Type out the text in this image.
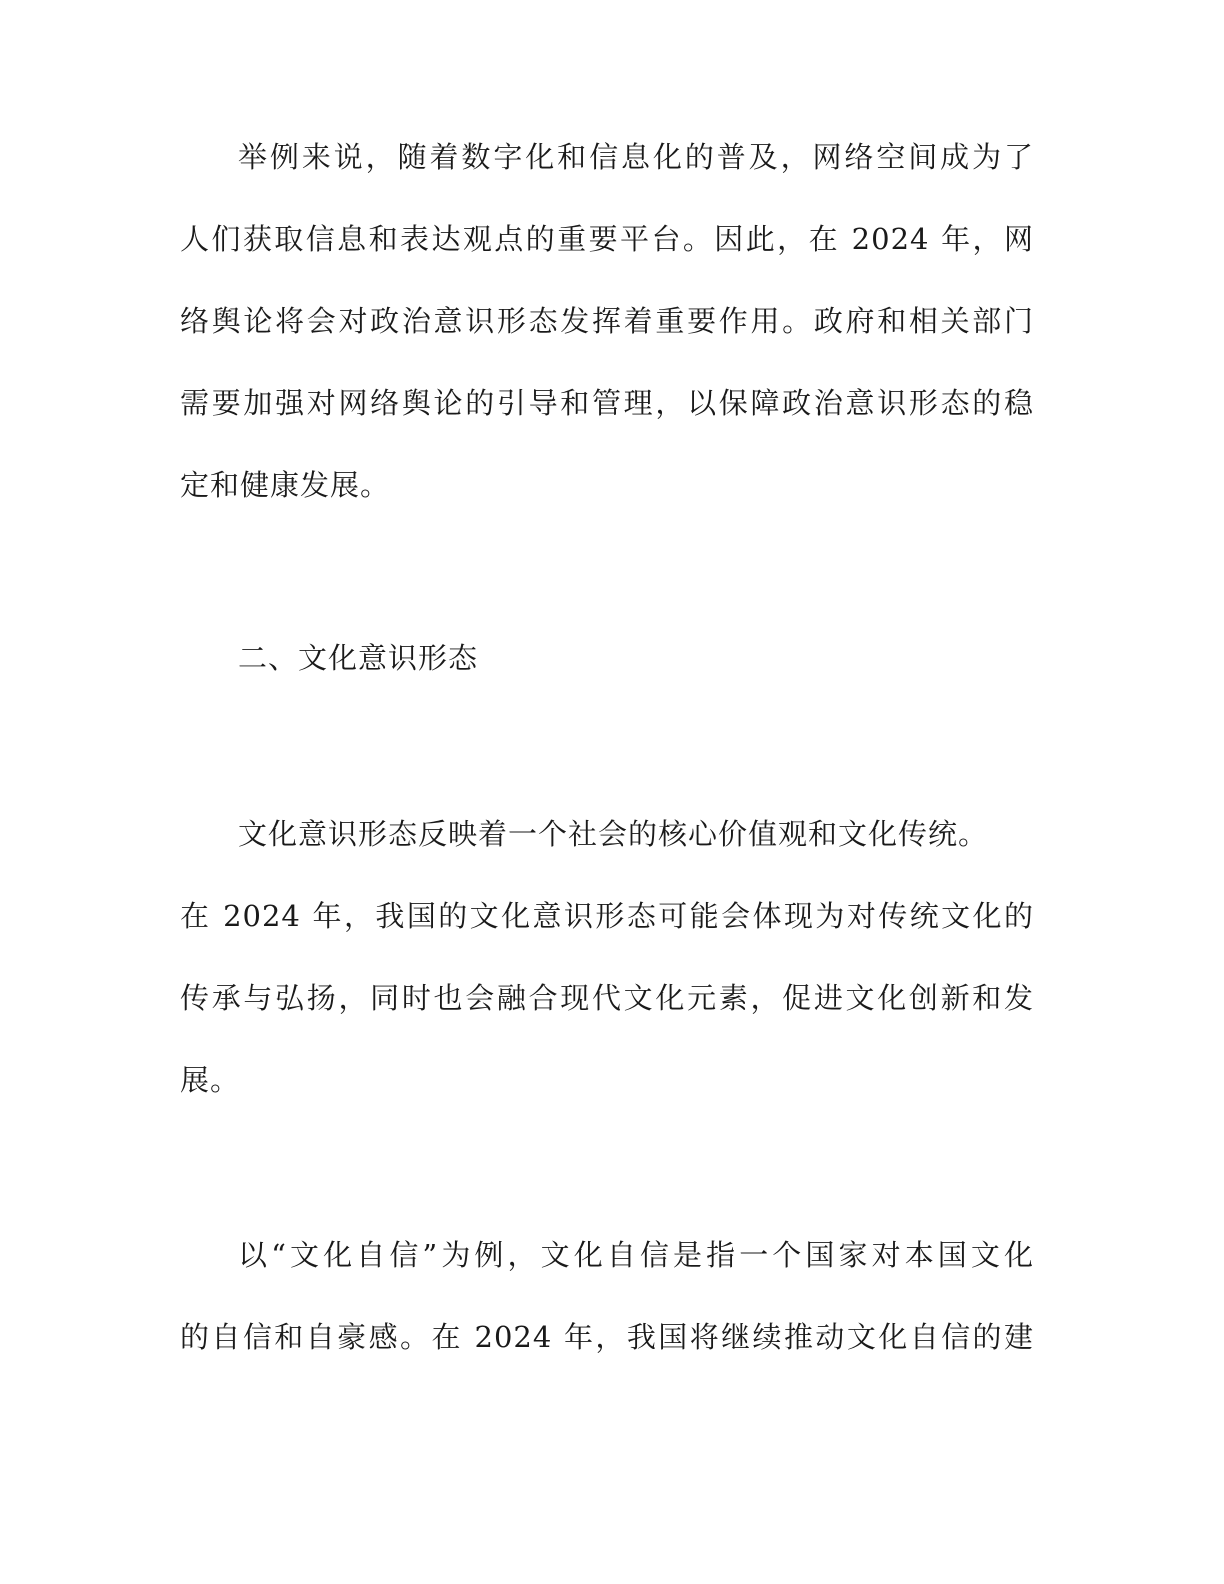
举例来说，随着数字化和信息化的普及，网络空间成为了
人们获取信息和表达观点的重要平台。因此，在 2024 年，网
络舆论将会对政治意识形态发挥着重要作用。政府和相关部门
需要加强对网络舆论的引导和管理，以保障政治意识形态的稳
定和健康发展。
二、文化意识形态
文化意识形态反映着一个社会的核心价值观和文化传统。
在 2024 年，我国的文化意识形态可能会体现为对传统文化的
传承与弘扬，同时也会融合现代文化元素，促进文化创新和发
展。
以“文化自信”为例，文化自信是指一个国家对本国文化
的自信和自豪感。在 2024 年，我国将继续推动文化自信的建
